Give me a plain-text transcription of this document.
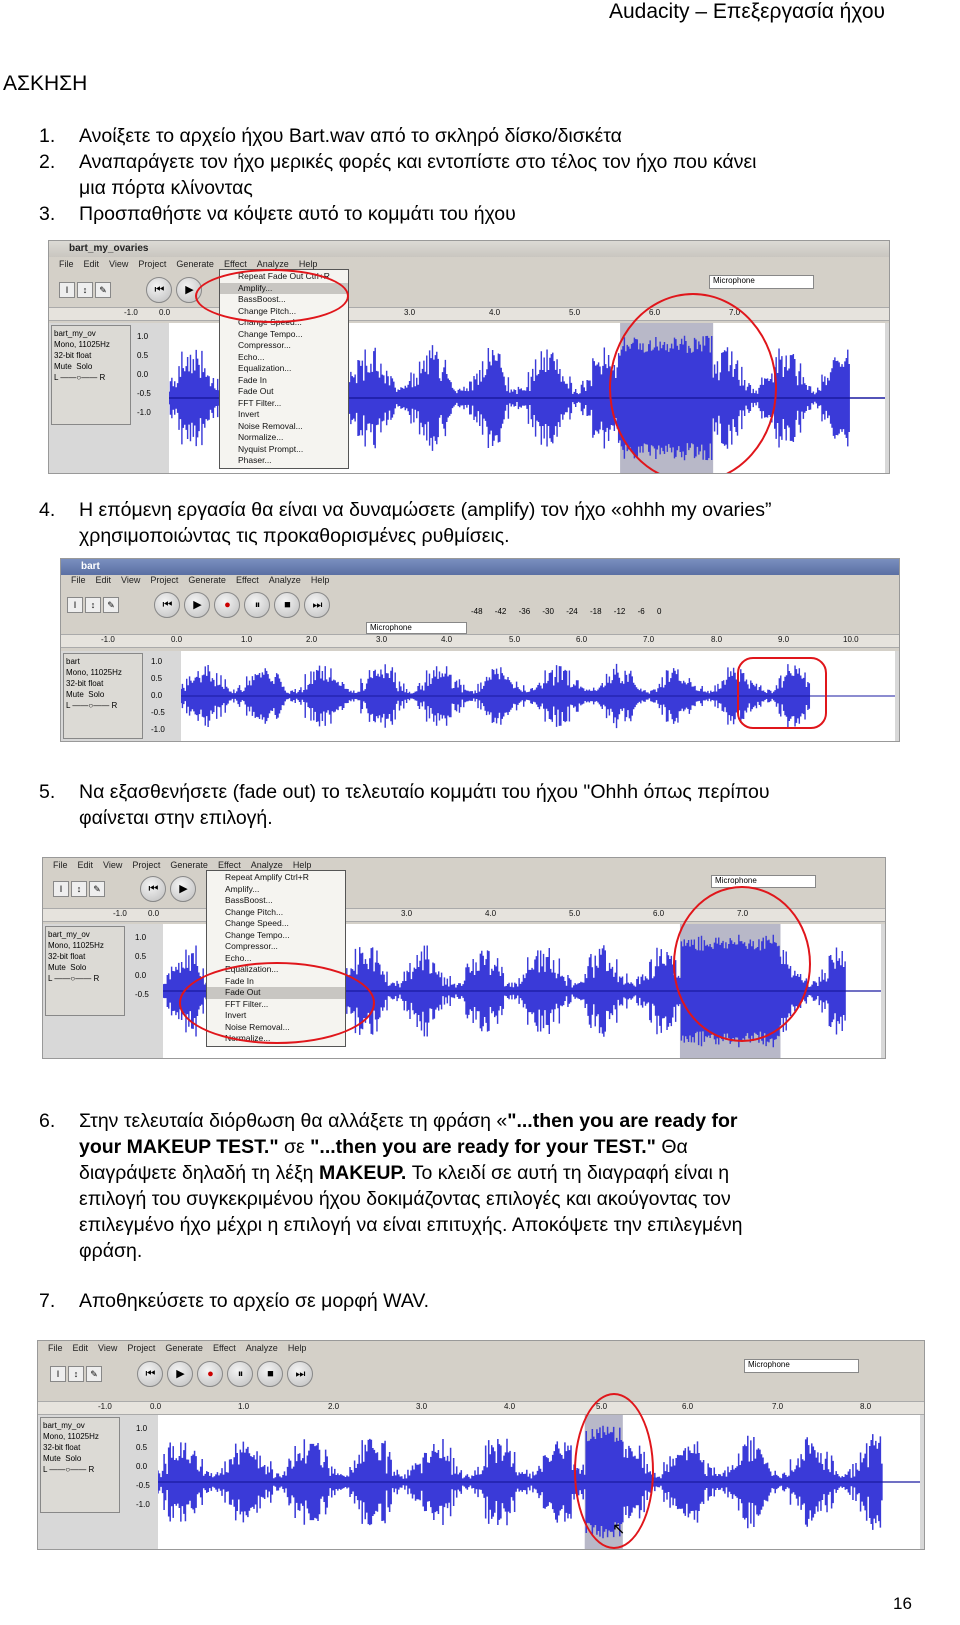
Audacity – Επεξεργασία ήχου
ΑΣΚΗΣΗ
1. Ανοίξετε το αρχείο ήχου Bart.wav από το σκληρό δίσκο/δισκέτα
2. Αναπαράγετε τον ήχο μερικές φορές και εντοπίστε στο τέλος τον ήχο που κάνει
μια πόρτα κλίνοντας
3. Προσπαθήστε να κόψετε αυτό το κομμάτι του ήχου
bart_my_ovaries
File Edit View Project Generate Effect Analyze Help
I ↕ ✎	⏮ ▶
Microphone
-1.0	0.0	3.0	4.0	5.0	6.0	7.0
bart_my_ov
Mono, 11025Hz
32-bit float
Mute Solo
L ——○—— R
1.0
0.5
0.0
-0.5
-1.0
Repeat Fade Out Ctrl+R
Amplify...
BassBoost...
Change Pitch...
Change Speed...
Change Tempo...
Compressor...
Echo...
Equalization...
Fade In
Fade Out
FFT Filter...
Invert
Noise Removal...
Normalize...
Nyquist Prompt...
Phaser...
4. Η επόμενη εργασία θα είναι να δυναμώσετε (amplify) τον ήχο «ohhh my ovaries”
χρησιμοποιώντας τις προκαθορισμένες ρυθμίσεις.
bart
File Edit View Project Generate Effect Analyze Help
I ↕ ✎	⏮ ▶ ● ⏸ ■ ⏭
-48 -42 -36 -30 -24 -18 -12 -6 0
Microphone
-1.0	0.0	1.0	2.0	3.0	4.0	5.0	6.0	7.0	8.0	9.0	10.0
bart
Mono, 11025Hz
32-bit float
Mute Solo
L ——○—— R
1.0
0.5
0.0
-0.5
-1.0
5. Να εξασθενήσετε (fade out) το τελευταίο κομμάτι του ήχου "Ohhh όπως περίπου
φαίνεται στην επιλογή.
File Edit View Project Generate Effect Analyze Help
I ↕ ✎	⏮ ▶
Microphone
-1.0	0.0	3.0	4.0	5.0	6.0	7.0
bart_my_ov
Mono, 11025Hz
32-bit float
Mute Solo
L ——○—— R
1.0
0.5
0.0
-0.5
Repeat Amplify Ctrl+R
Amplify...
BassBoost...
Change Pitch...
Change Speed...
Change Tempo...
Compressor...
Echo...
Equalization...
Fade In
Fade Out
FFT Filter...
Invert
Noise Removal...
Normalize...
6. Στην τελευταία διόρθωση θα αλλάξετε τη φράση «"...then you are ready for
your MAKEUP TEST." σε "...then you are ready for your TEST." Θα
διαγράψετε δηλαδή τη λέξη MAKEUP. Το κλειδί σε αυτή τη διαγραφή είναι η
επιλογή του συγκεκριμένου ήχου δοκιμάζοντας επιλογές και ακούγοντας τον
επιλεγμένο ήχο μέχρι η επιλογή να είναι επιτυχής. Αποκόψετε την επιλεγμένη
φράση.
7. Αποθηκεύσετε το αρχείο σε μορφή WAV.
File Edit View Project Generate Effect Analyze Help
I ↕ ✎	⏮ ▶ ● ⏸ ■ ⏭
Microphone
-1.0	0.0	1.0	2.0	3.0	4.0	5.0	6.0	7.0	8.0
bart_my_ov
Mono, 11025Hz
32-bit float
Mute Solo
L ——○—— R
1.0
0.5
0.0
-0.5
-1.0
↖
16
